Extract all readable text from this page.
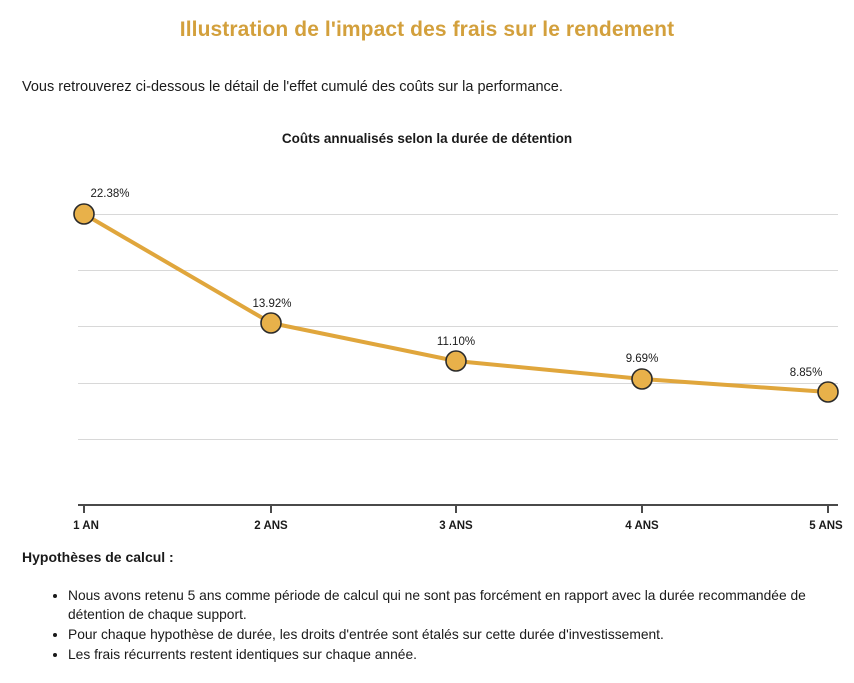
Illustration de l'impact des frais sur le rendement
Vous retrouverez ci-dessous le détail de l'effet cumulé des coûts sur la performance.
Coûts annualisés selon la durée de détention
22.38%
13.92%
11.10%
9.69%
8.85%
1 AN	2 ANS	3 ANS	4 ANS	5 ANS
Hypothèses de calcul :
• Nous avons retenu 5 ans comme période de calcul qui ne sont pas forcément en rapport avec la durée recommandée de détention de chaque support.
• Pour chaque hypothèse de durée, les droits d'entrée sont étalés sur cette durée d'investissement.
• Les frais récurrents restent identiques sur chaque année.
